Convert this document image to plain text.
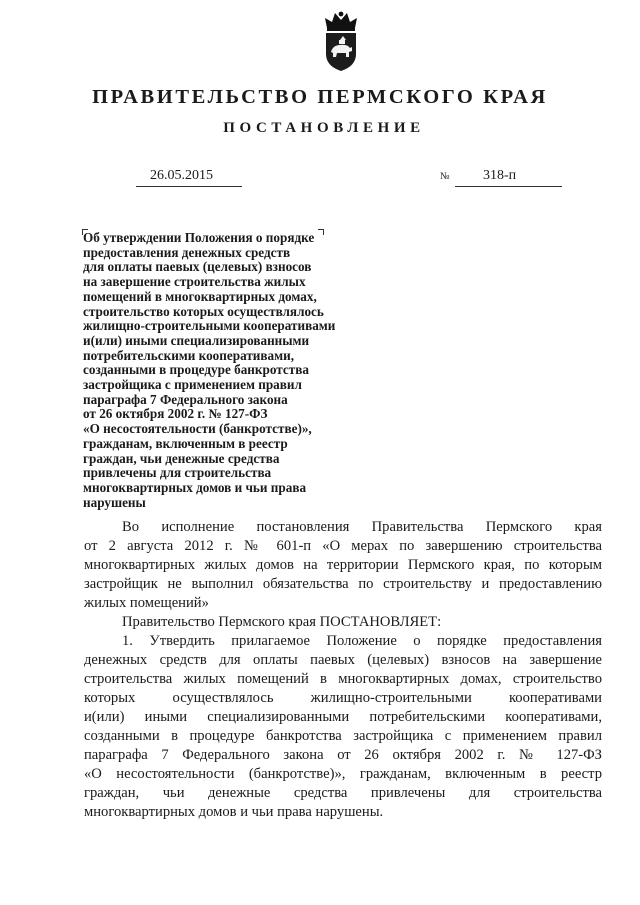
ПРАВИТЕЛЬСТВО ПЕРМСКОГО КРАЯ
ПОСТАНОВЛЕНИЕ
26.05.2015	№ 318-п
Об утверждении Положения о порядке
предоставления денежных средств
для оплаты паевых (целевых) взносов
на завершение строительства жилых
помещений в многоквартирных домах,
строительство которых осуществлялось
жилищно-строительными кооперативами
и(или) иными специализированными
потребительскими кооперативами,
созданными в процедуре банкротства
застройщика с применением правил
параграфа 7 Федерального закона
от 26 октября 2002 г. № 127-ФЗ
«О несостоятельности (банкротстве)»,
гражданам, включенным в реестр
граждан, чьи денежные средства
привлечены для строительства
многоквартирных домов и чьи права
нарушены
Во исполнение постановления Правительства Пермского края
от 2 августа 2012 г. № 601-п «О мерах по завершению строительства
многоквартирных жилых домов на территории Пермского края, по которым
застройщик не выполнил обязательства по строительству и предоставлению
жилых помещений»
Правительство Пермского края ПОСТАНОВЛЯЕТ:
1. Утвердить прилагаемое Положение о порядке предоставления
денежных средств для оплаты паевых (целевых) взносов на завершение
строительства жилых помещений в многоквартирных домах, строительство
которых осуществлялось жилищно-строительными кооперативами
и(или) иными специализированными потребительскими кооперативами,
созданными в процедуре банкротства застройщика с применением правил
параграфа 7 Федерального закона от 26 октября 2002 г. № 127-ФЗ
«О несостоятельности (банкротстве)», гражданам, включенным в реестр
граждан, чьи денежные средства привлечены для строительства
многоквартирных домов и чьи права нарушены.
